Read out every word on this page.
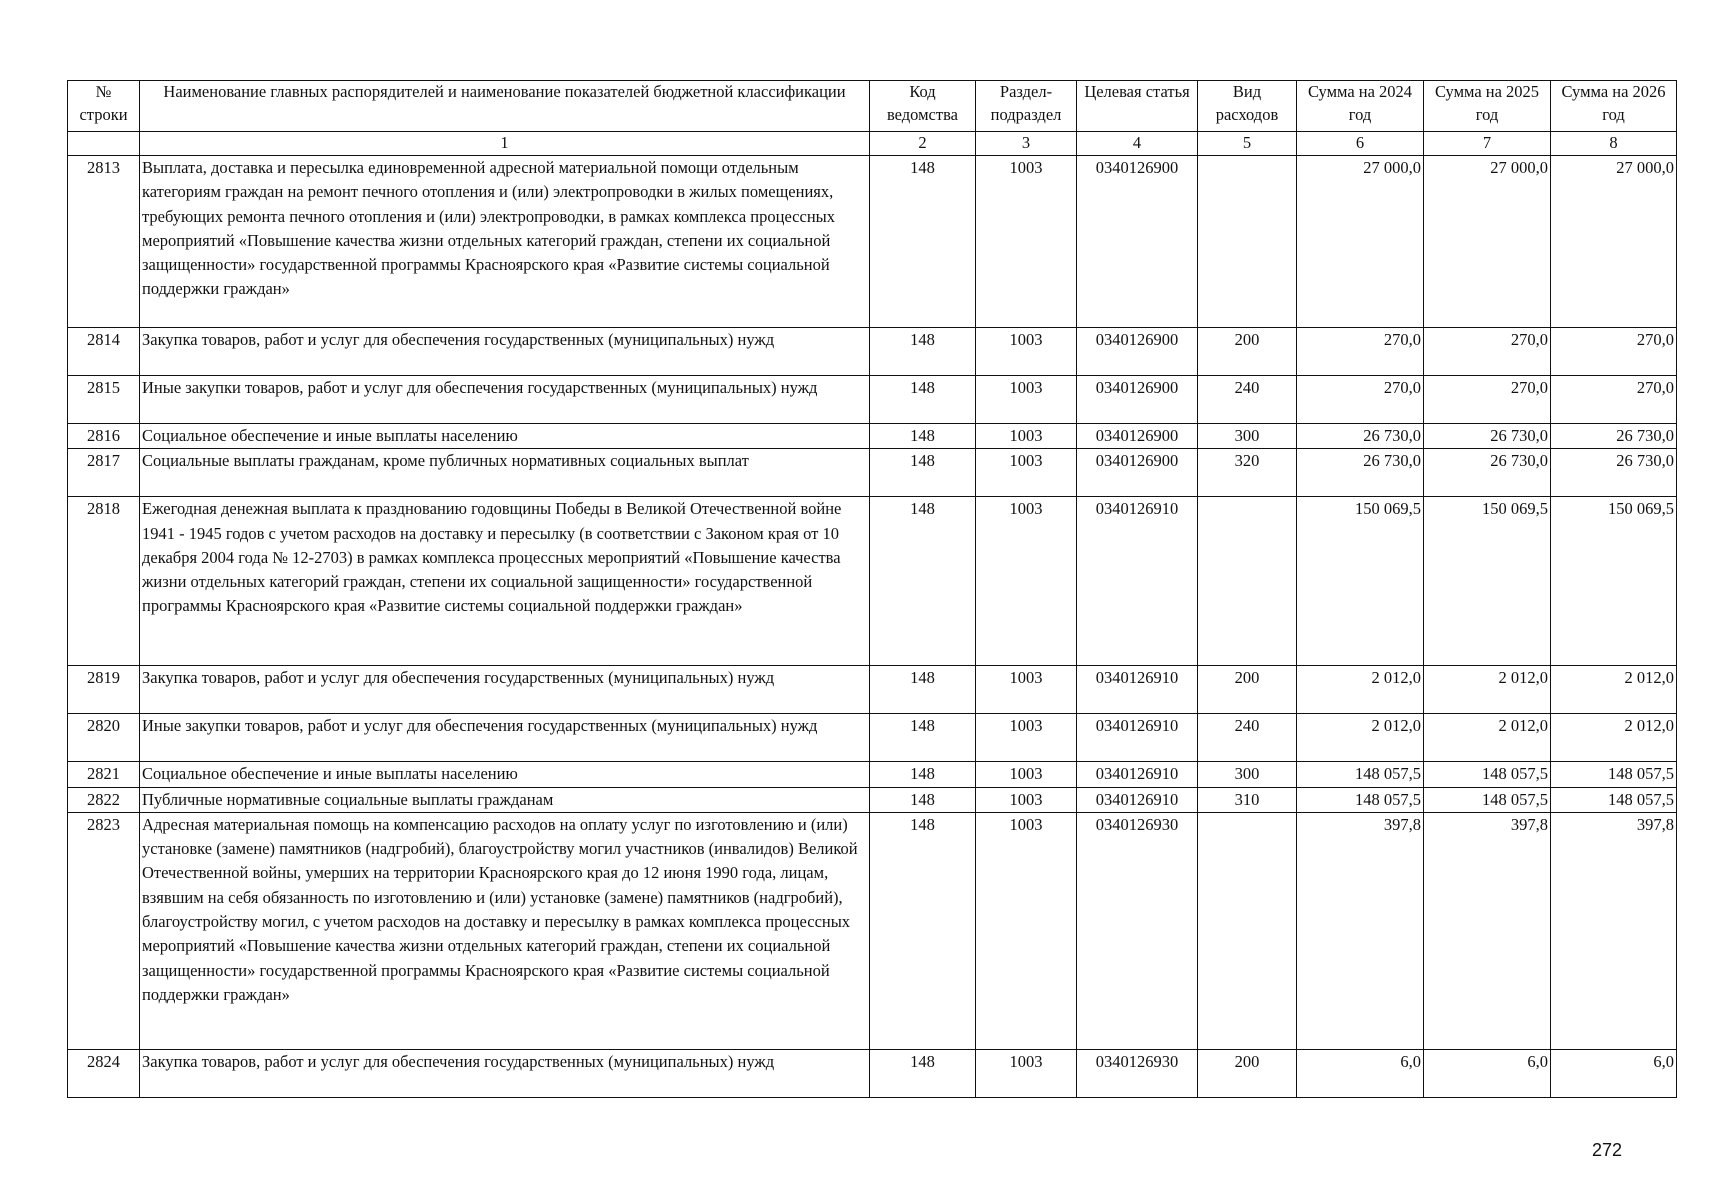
№ строки	Наименование главных распорядителей и наименование показателей бюджетной классификации	Код ведомства	Раздел-подраздел	Целевая статья	Вид расходов	Сумма на 2024 год	Сумма на 2025 год	Сумма на 2026 год
	1	2	3	4	5	6	7	8
2813	Выплата, доставка и пересылка единовременной адресной материальной помощи отдельным категориям граждан на ремонт печного отопления и (или) электропроводки в жилых помещениях, требующих ремонта печного отопления и (или) электропроводки, в рамках комплекса процессных мероприятий «Повышение качества жизни отдельных категорий граждан, степени их социальной защищенности» государственной программы Красноярского края «Развитие системы социальной поддержки граждан»	148	1003	0340126900		27 000,0	27 000,0	27 000,0
2814	Закупка товаров, работ и услуг для обеспечения государственных (муниципальных) нужд	148	1003	0340126900	200	270,0	270,0	270,0
2815	Иные закупки товаров, работ и услуг для обеспечения государственных (муниципальных) нужд	148	1003	0340126900	240	270,0	270,0	270,0
2816	Социальное обеспечение и иные выплаты населению	148	1003	0340126900	300	26 730,0	26 730,0	26 730,0
2817	Социальные выплаты гражданам, кроме публичных нормативных социальных выплат	148	1003	0340126900	320	26 730,0	26 730,0	26 730,0
2818	Ежегодная денежная выплата к празднованию годовщины Победы в Великой Отечественной войне 1941 - 1945 годов с учетом расходов на доставку и пересылку (в соответствии с Законом края от 10 декабря 2004 года № 12-2703) в рамках комплекса процессных мероприятий «Повышение качества жизни отдельных категорий граждан, степени их социальной защищенности» государственной программы Красноярского края «Развитие системы социальной поддержки граждан»	148	1003	0340126910		150 069,5	150 069,5	150 069,5
2819	Закупка товаров, работ и услуг для обеспечения государственных (муниципальных) нужд	148	1003	0340126910	200	2 012,0	2 012,0	2 012,0
2820	Иные закупки товаров, работ и услуг для обеспечения государственных (муниципальных) нужд	148	1003	0340126910	240	2 012,0	2 012,0	2 012,0
2821	Социальное обеспечение и иные выплаты населению	148	1003	0340126910	300	148 057,5	148 057,5	148 057,5
2822	Публичные нормативные социальные выплаты гражданам	148	1003	0340126910	310	148 057,5	148 057,5	148 057,5
2823	Адресная материальная помощь на компенсацию расходов на оплату услуг по изготовлению и (или) установке (замене) памятников (надгробий), благоустройству могил участников (инвалидов) Великой Отечественной войны, умерших на территории Красноярского края до 12 июня 1990 года, лицам, взявшим на себя обязанность по изготовлению и (или) установке (замене) памятников (надгробий), благоустройству могил, с учетом расходов на доставку и пересылку в рамках комплекса процессных мероприятий «Повышение качества жизни отдельных категорий граждан, степени их социальной защищенности» государственной программы Красноярского края «Развитие системы социальной поддержки граждан»	148	1003	0340126930		397,8	397,8	397,8
2824	Закупка товаров, работ и услуг для обеспечения государственных (муниципальных) нужд	148	1003	0340126930	200	6,0	6,0	6,0
272
